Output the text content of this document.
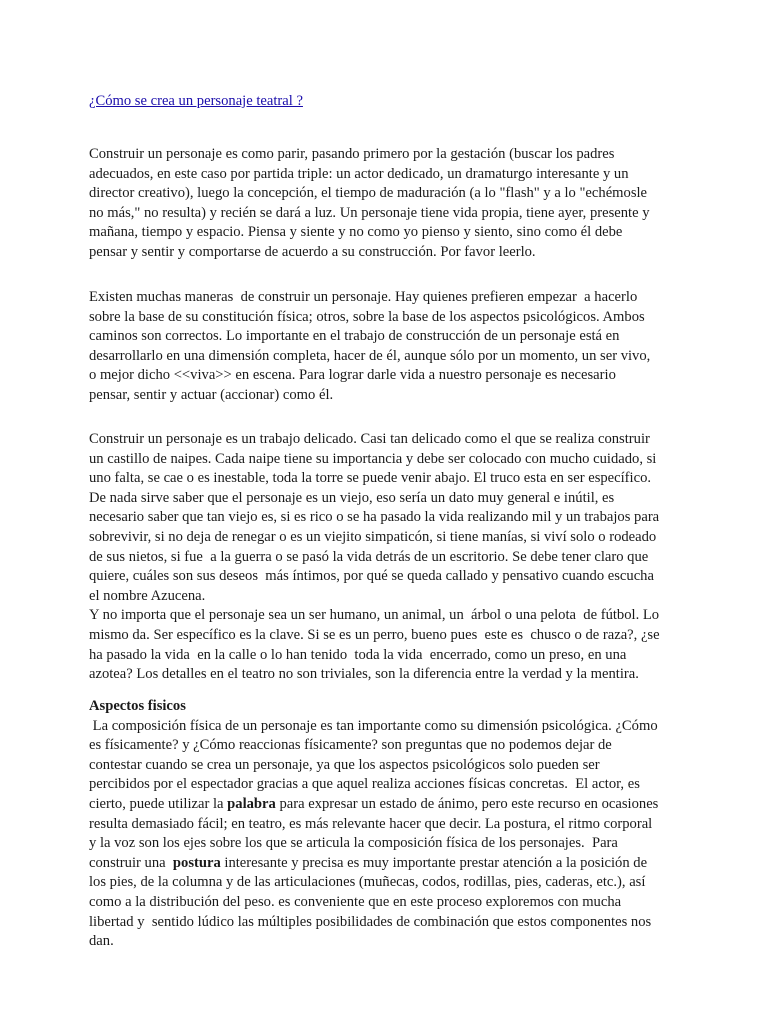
¿Cómo se crea un personaje teatral ?
Construir un personaje es como parir, pasando primero por la gestación (buscar los padres
adecuados, en este caso por partida triple: un actor dedicado, un dramaturgo interesante y un
director creativo), luego la concepción, el tiempo de maduración (a lo "flash" y a lo "echémosle
no más," no resulta) y recién se dará a luz. Un personaje tiene vida propia, tiene ayer, presente y
mañana, tiempo y espacio. Piensa y siente y no como yo pienso y siento, sino como él debe
pensar y sentir y comportarse de acuerdo a su construcción. Por favor leerlo.
Existen muchas maneras  de construir un personaje. Hay quienes prefieren empezar  a hacerlo
sobre la base de su constitución física; otros, sobre la base de los aspectos psicológicos. Ambos
caminos son correctos. Lo importante en el trabajo de construcción de un personaje está en
desarrollarlo en una dimensión completa, hacer de él, aunque sólo por un momento, un ser vivo,
o mejor dicho <<viva>> en escena. Para lograr darle vida a nuestro personaje es necesario
pensar, sentir y actuar (accionar) como él.
Construir un personaje es un trabajo delicado. Casi tan delicado como el que se realiza construir
un castillo de naipes. Cada naipe tiene su importancia y debe ser colocado con mucho cuidado, si
uno falta, se cae o es inestable, toda la torre se puede venir abajo. El truco esta en ser específico.
De nada sirve saber que el personaje es un viejo, eso sería un dato muy general e inútil, es
necesario saber que tan viejo es, si es rico o se ha pasado la vida realizando mil y un trabajos para
sobrevivir, si no deja de renegar o es un viejito simpaticón, si tiene manías, si viví solo o rodeado
de sus nietos, si fue  a la guerra o se pasó la vida detrás de un escritorio. Se debe tener claro que
quiere, cuáles son sus deseos  más íntimos, por qué se queda callado y pensativo cuando escucha
el nombre Azucena.
Y no importa que el personaje sea un ser humano, un animal, un  árbol o una pelota  de fútbol. Lo
mismo da. Ser específico es la clave. Si se es un perro, bueno pues  este es  chusco o de raza?, ¿se
ha pasado la vida  en la calle o lo han tenido  toda la vida  encerrado, como un preso, en una
azotea? Los detalles en el teatro no son triviales, son la diferencia entre la verdad y la mentira.
Aspectos fisicos
La composición física de un personaje es tan importante como su dimensión psicológica. ¿Cómo
es físicamente? y ¿Cómo reaccionas físicamente? son preguntas que no podemos dejar de
contestar cuando se crea un personaje, ya que los aspectos psicológicos solo pueden ser
percibidos por el espectador gracias a que aquel realiza acciones físicas concretas.  El actor, es
cierto, puede utilizar la palabra para expresar un estado de ánimo, pero este recurso en ocasiones
resulta demasiado fácil; en teatro, es más relevante hacer que decir. La postura, el ritmo corporal
y la voz son los ejes sobre los que se articula la composición física de los personajes.  Para
construir una  postura interesante y precisa es muy importante prestar atención a la posición de
los pies, de la columna y de las articulaciones (muñecas, codos, rodillas, pies, caderas, etc.), así
como a la distribución del peso. es conveniente que en este proceso exploremos con mucha
libertad y  sentido lúdico las múltiples posibilidades de combinación que estos componentes nos
dan.
